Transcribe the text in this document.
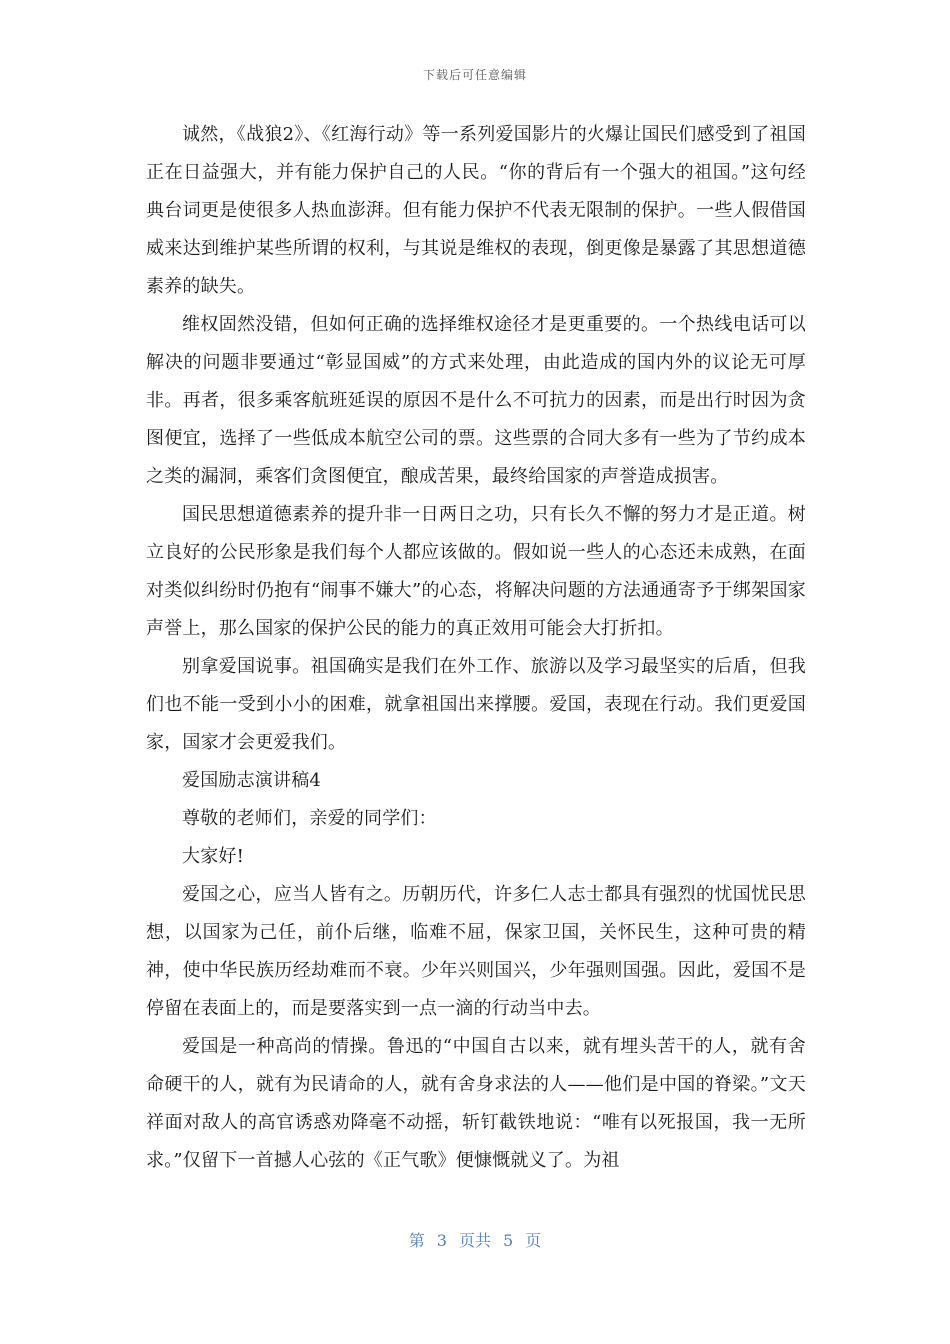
下载后可任意编辑

诚然，《战狼2》、《红海行动》等一系列爱国影片的火爆让国民们感受到了祖国正在日益强大，并有能力保护自己的人民。“你的背后有一个强大的祖国。”这句经典台词更是使很多人热血澎湃。但有能力保护不代表无限制的保护。一些人假借国威来达到维护某些所谓的权利，与其说是维权的表现，倒更像是暴露了其思想道德素养的缺失。

维权固然没错，但如何正确的选择维权途径才是更重要的。一个热线电话可以解决的问题非要通过“彰显国威”的方式来处理，由此造成的国内外的议论无可厚非。再者，很多乘客航班延误的原因不是什么不可抗力的因素，而是出行时因为贪图便宜，选择了一些低成本航空公司的票。这些票的合同大多有一些为了节约成本之类的漏洞，乘客们贪图便宜，酿成苦果，最终给国家的声誉造成损害。

国民思想道德素养的提升非一日两日之功，只有长久不懈的努力才是正道。树立良好的公民形象是我们每个人都应该做的。假如说一些人的心态还未成熟，在面对类似纠纷时仍抱有“闹事不嫌大”的心态，将解决问题的方法通通寄予于绑架国家声誉上，那么国家的保护公民的能力的真正效用可能会大打折扣。

别拿爱国说事。祖国确实是我们在外工作、旅游以及学习最坚实的后盾，但我们也不能一受到小小的困难，就拿祖国出来撑腰。爱国，表现在行动。我们更爱国家，国家才会更爱我们。

爱国励志演讲稿4

尊敬的老师们，亲爱的同学们：

大家好!

爱国之心，应当人皆有之。历朝历代，许多仁人志士都具有强烈的忧国忧民思想，以国家为己任，前仆后继，临难不屈，保家卫国，关怀民生，这种可贵的精神，使中华民族历经劫难而不衰。少年兴则国兴，少年强则国强。因此，爱国不是停留在表面上的，而是要落实到一点一滴的行动当中去。

爱国是一种高尚的情操。鲁迅的“中国自古以来，就有埋头苦干的人，就有舍命硬干的人，就有为民请命的人，就有舍身求法的人——他们是中国的脊梁。”文天祥面对敌人的高官诱惑劝降毫不动摇，斩钉截铁地说：“唯有以死报国，我一无所求。”仅留下一首撼人心弦的《正气歌》便慷慨就义了。为祖

第 3 页共 5 页
